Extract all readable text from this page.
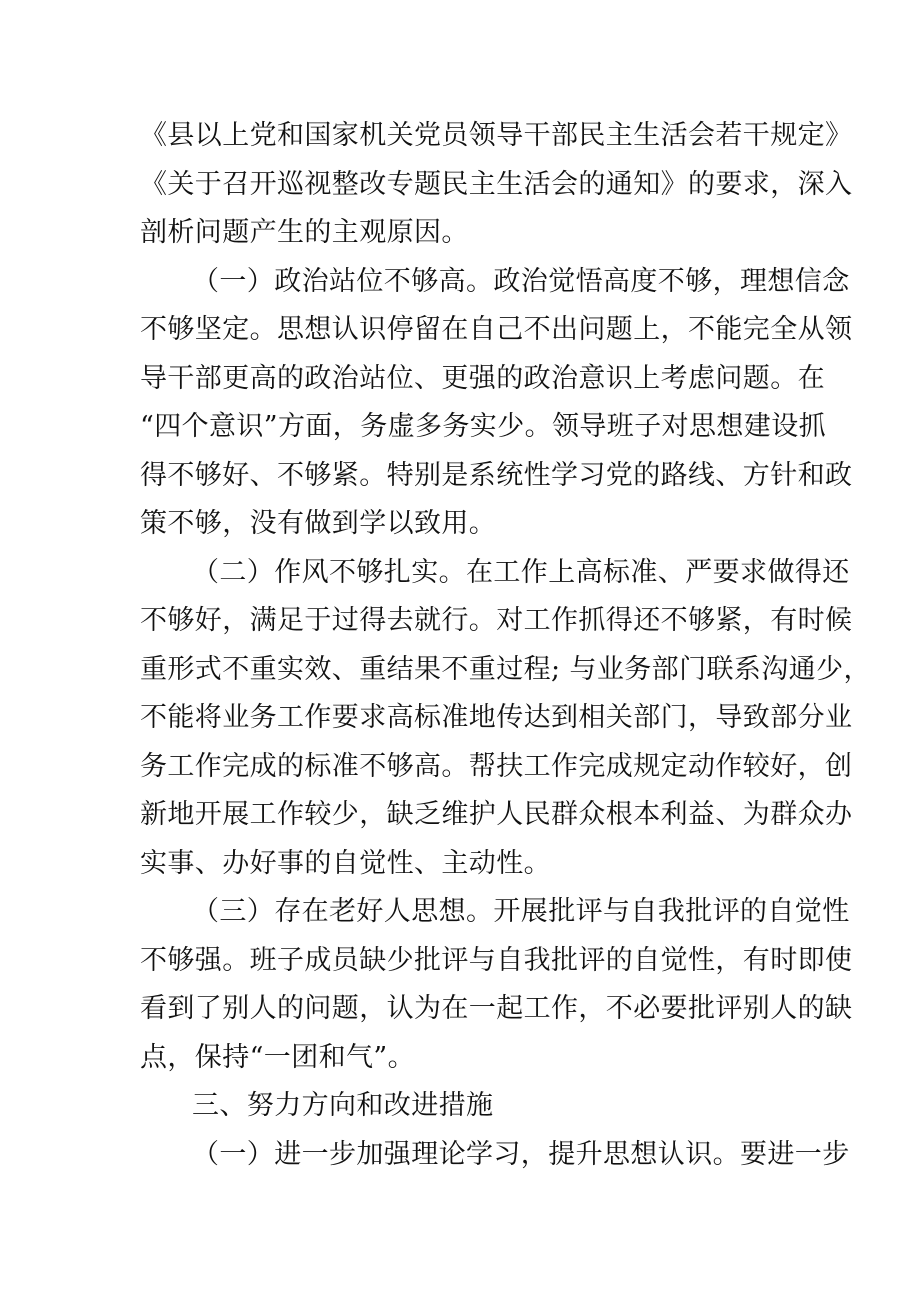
《县以上党和国家机关党员领导干部民主生活会若干规定》
《关于召开巡视整改专题民主生活会的通知》的要求，深入
剖析问题产生的主观原因。

（一）政治站位不够高。政治觉悟高度不够，理想信念
不够坚定。思想认识停留在自己不出问题上，不能完全从领
导干部更高的政治站位、更强的政治意识上考虑问题。在
“四个意识”方面，务虚多务实少。领导班子对思想建设抓
得不够好、不够紧。特别是系统性学习党的路线、方针和政
策不够，没有做到学以致用。

（二）作风不够扎实。在工作上高标准、严要求做得还
不够好，满足于过得去就行。对工作抓得还不够紧，有时候
重形式不重实效、重结果不重过程; 与业务部门联系沟通少，
不能将业务工作要求高标准地传达到相关部门，导致部分业
务工作完成的标准不够高。帮扶工作完成规定动作较好，创
新地开展工作较少，缺乏维护人民群众根本利益、为群众办
实事、办好事的自觉性、主动性。

（三）存在老好人思想。开展批评与自我批评的自觉性
不够强。班子成员缺少批评与自我批评的自觉性，有时即使
看到了别人的问题，认为在一起工作，不必要批评别人的缺
点，保持“一团和气”。

三、努力方向和改进措施

（一）进一步加强理论学习，提升思想认识。要进一步
